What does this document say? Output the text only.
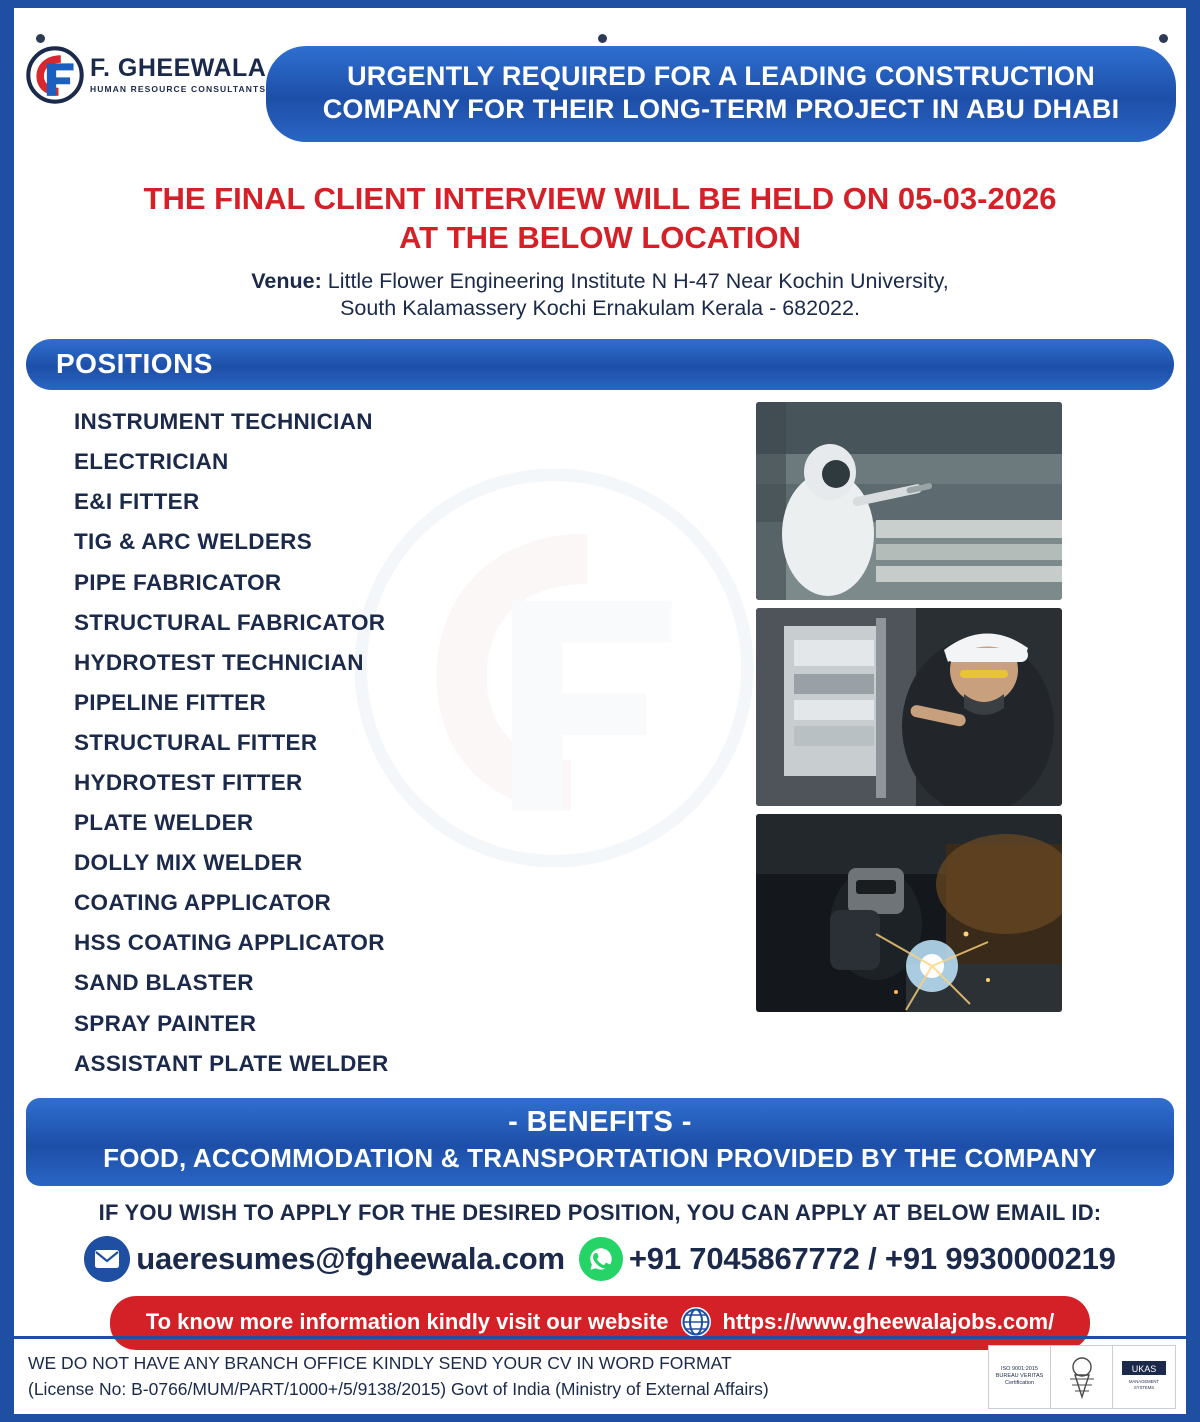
F. GHEEWALA
HUMAN RESOURCE CONSULTANTS	URGENTLY REQUIRED FOR A LEADING CONSTRUCTION COMPANY FOR THEIR LONG-TERM PROJECT IN ABU DHABI
THE FINAL CLIENT INTERVIEW WILL BE HELD ON 05-03-2026
AT THE BELOW LOCATION
Venue: Little Flower Engineering Institute N H-47 Near Kochin University,
South Kalamassery Kochi Ernakulam Kerala - 682022.
POSITIONS
INSTRUMENT TECHNICIAN
ELECTRICIAN
E&I FITTER
TIG & ARC WELDERS
PIPE FABRICATOR
STRUCTURAL FABRICATOR
HYDROTEST TECHNICIAN
PIPELINE FITTER
STRUCTURAL FITTER
HYDROTEST FITTER
PLATE WELDER
DOLLY MIX WELDER
COATING APPLICATOR
HSS COATING APPLICATOR
SAND BLASTER
SPRAY PAINTER
ASSISTANT PLATE WELDER
- BENEFITS -
FOOD, ACCOMMODATION & TRANSPORTATION PROVIDED BY THE COMPANY
IF YOU WISH TO APPLY FOR THE DESIRED POSITION, YOU CAN APPLY AT BELOW EMAIL ID:
uaeresumes@fgheewala.com +91 7045867772 / +91 9930000219
To know more information kindly visit our website https://www.gheewalajobs.com/
WE DO NOT HAVE ANY BRANCH OFFICE KINDLY SEND YOUR CV IN WORD FORMAT
(License No: B-0766/MUM/PART/1000+/5/9138/2015) Govt of India (Ministry of External Affairs)
ISO 9001:2015
BUREAU VERITAS
Certification
UKAS
MANAGEMENT
SYSTEMS
